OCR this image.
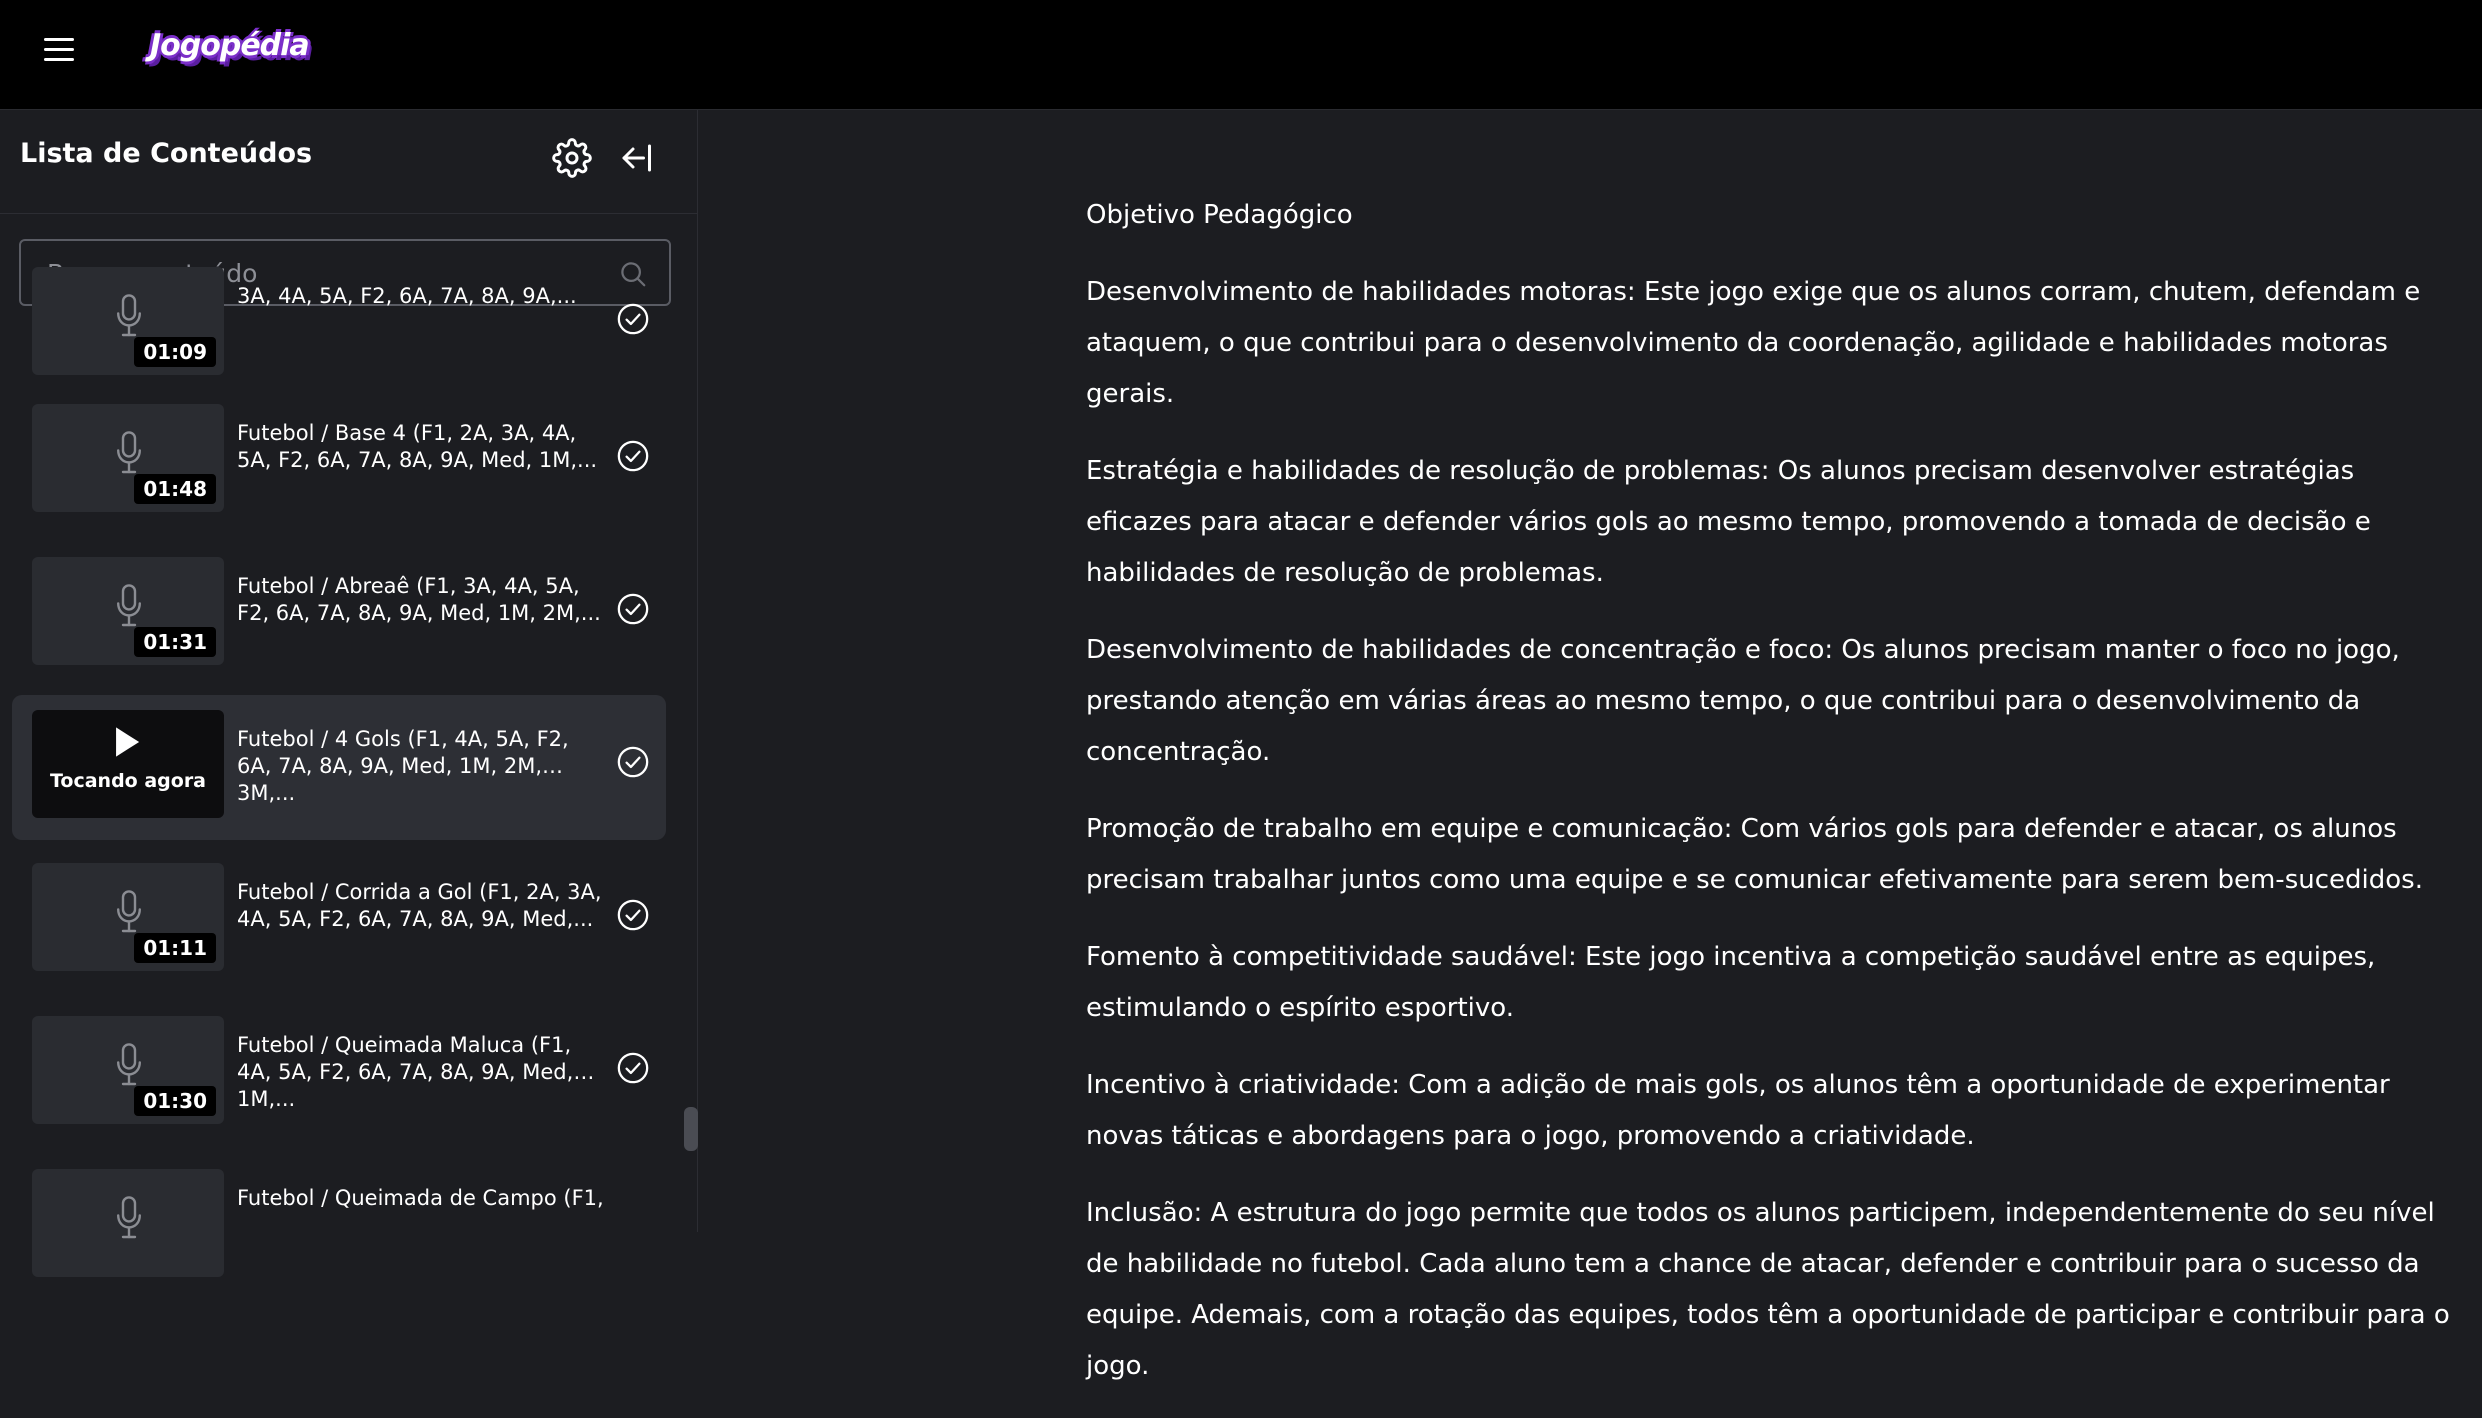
Jogopédia
Lista de Conteúdos
Buscar conteúdo
01:09
3A, 4A, 5A, F2, 6A, 7A, 8A, 9A,...
01:48
Futebol / Base 4 (F1, 2A, 3A, 4A, 5A, F2, 6A, 7A, 8A, 9A, Med, 1M,...
01:31
Futebol / Abreaê (F1, 3A, 4A, 5A, F2, 6A, 7A, 8A, 9A, Med, 1M, 2M,...
Tocando agora
Futebol / 4 Gols (F1, 4A, 5A, F2, 6A, 7A, 8A, 9A, Med, 1M, 2M, 3M,...
01:11
Futebol / Corrida a Gol (F1, 2A, 3A, 4A, 5A, F2, 6A, 7A, 8A, 9A, Med,...
01:30
Futebol / Queimada Maluca (F1, 4A, 5A, F2, 6A, 7A, 8A, 9A, Med, 1M,...
Futebol / Queimada de Campo (F1,
Objetivo Pedagógico

Desenvolvimento de habilidades motoras: Este jogo exige que os alunos corram, chutem, defendam e ataquem, o que contribui para o desenvolvimento da coordenação, agilidade e habilidades motoras gerais.

Estratégia e habilidades de resolução de problemas: Os alunos precisam desenvolver estratégias eficazes para atacar e defender vários gols ao mesmo tempo, promovendo a tomada de decisão e habilidades de resolução de problemas.

Desenvolvimento de habilidades de concentração e foco: Os alunos precisam manter o foco no jogo, prestando atenção em várias áreas ao mesmo tempo, o que contribui para o desenvolvimento da concentração.

Promoção de trabalho em equipe e comunicação: Com vários gols para defender e atacar, os alunos precisam trabalhar juntos como uma equipe e se comunicar efetivamente para serem bem-sucedidos.

Fomento à competitividade saudável: Este jogo incentiva a competição saudável entre as equipes, estimulando o espírito esportivo.

Incentivo à criatividade: Com a adição de mais gols, os alunos têm a oportunidade de experimentar novas táticas e abordagens para o jogo, promovendo a criatividade.

Inclusão: A estrutura do jogo permite que todos os alunos participem, independentemente do seu nível de habilidade no futebol. Cada aluno tem a chance de atacar, defender e contribuir para o sucesso da equipe. Ademais, com a rotação das equipes, todos têm a oportunidade de participar e contribuir para o jogo.
